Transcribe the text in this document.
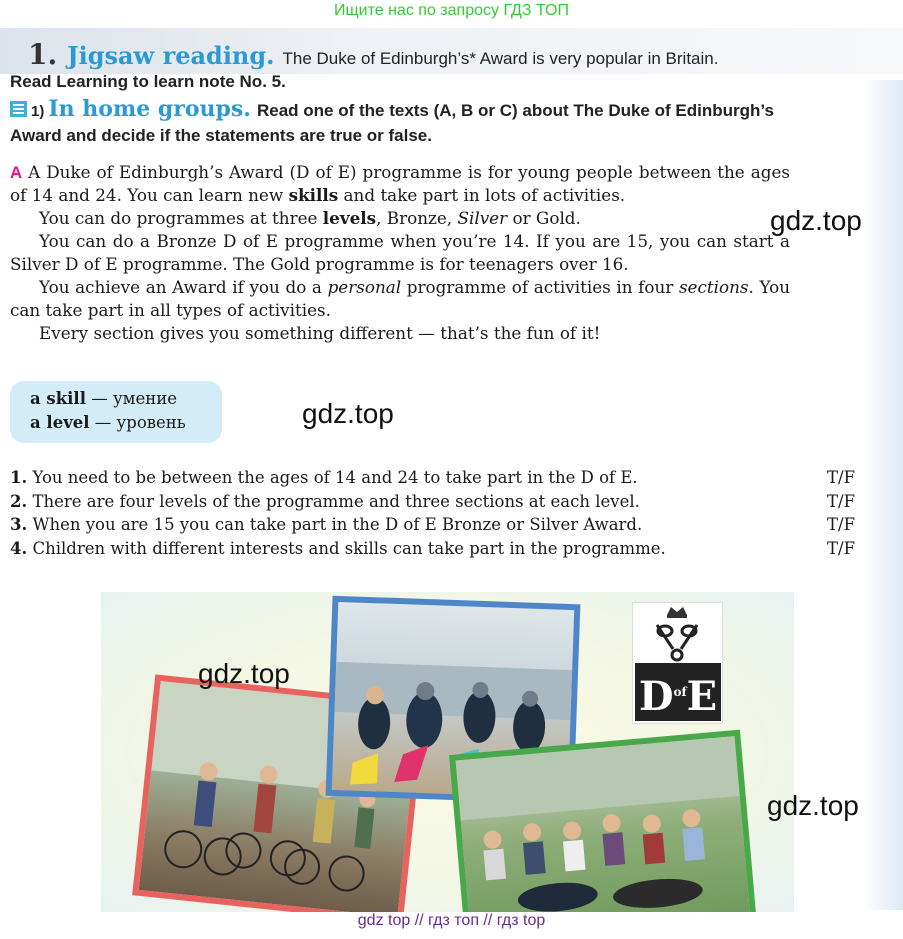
Ищите нас по запросу ГДЗ ТОП
1. Jigsaw reading. The Duke of Edinburgh’s* Award is very popular in Britain.
Read Learning to learn note No. 5.
1) In home groups. Read one of the texts (A, B or C) about The Duke of Edinburgh’s Award and decide if the statements are true or false.

A A Duke of Edinburgh’s Award (D of E) programme is for young people between the ages of 14 and 24. You can learn new skills and take part in lots of activities.

You can do programmes at three levels, Bronze, Silver or Gold.

You can do a Bronze D of E programme when you’re 14. If you are 15, you can start a Silver D of E programme. The Gold programme is for teenagers over 16.

You achieve an Award if you do a personal programme of activities in four sections. You can take part in all types of activities.

Every section gives you something different — that’s the fun of it!

a skill — умение
a level — уровень
1. You need to be between the ages of 14 and 24 to take part in the D of E.	T/F
2. There are four levels of the programme and three sections at each level.	T/F
3. When you are 15 you can take part in the D of E Bronze or Silver Award.	T/F
4. Children with different interests and skills can take part in the programme.	T/F
$D^{of}E$
gdz.top
gdz.top
gdz.top
gdz.top
gdz top // гдз топ // гдз top
